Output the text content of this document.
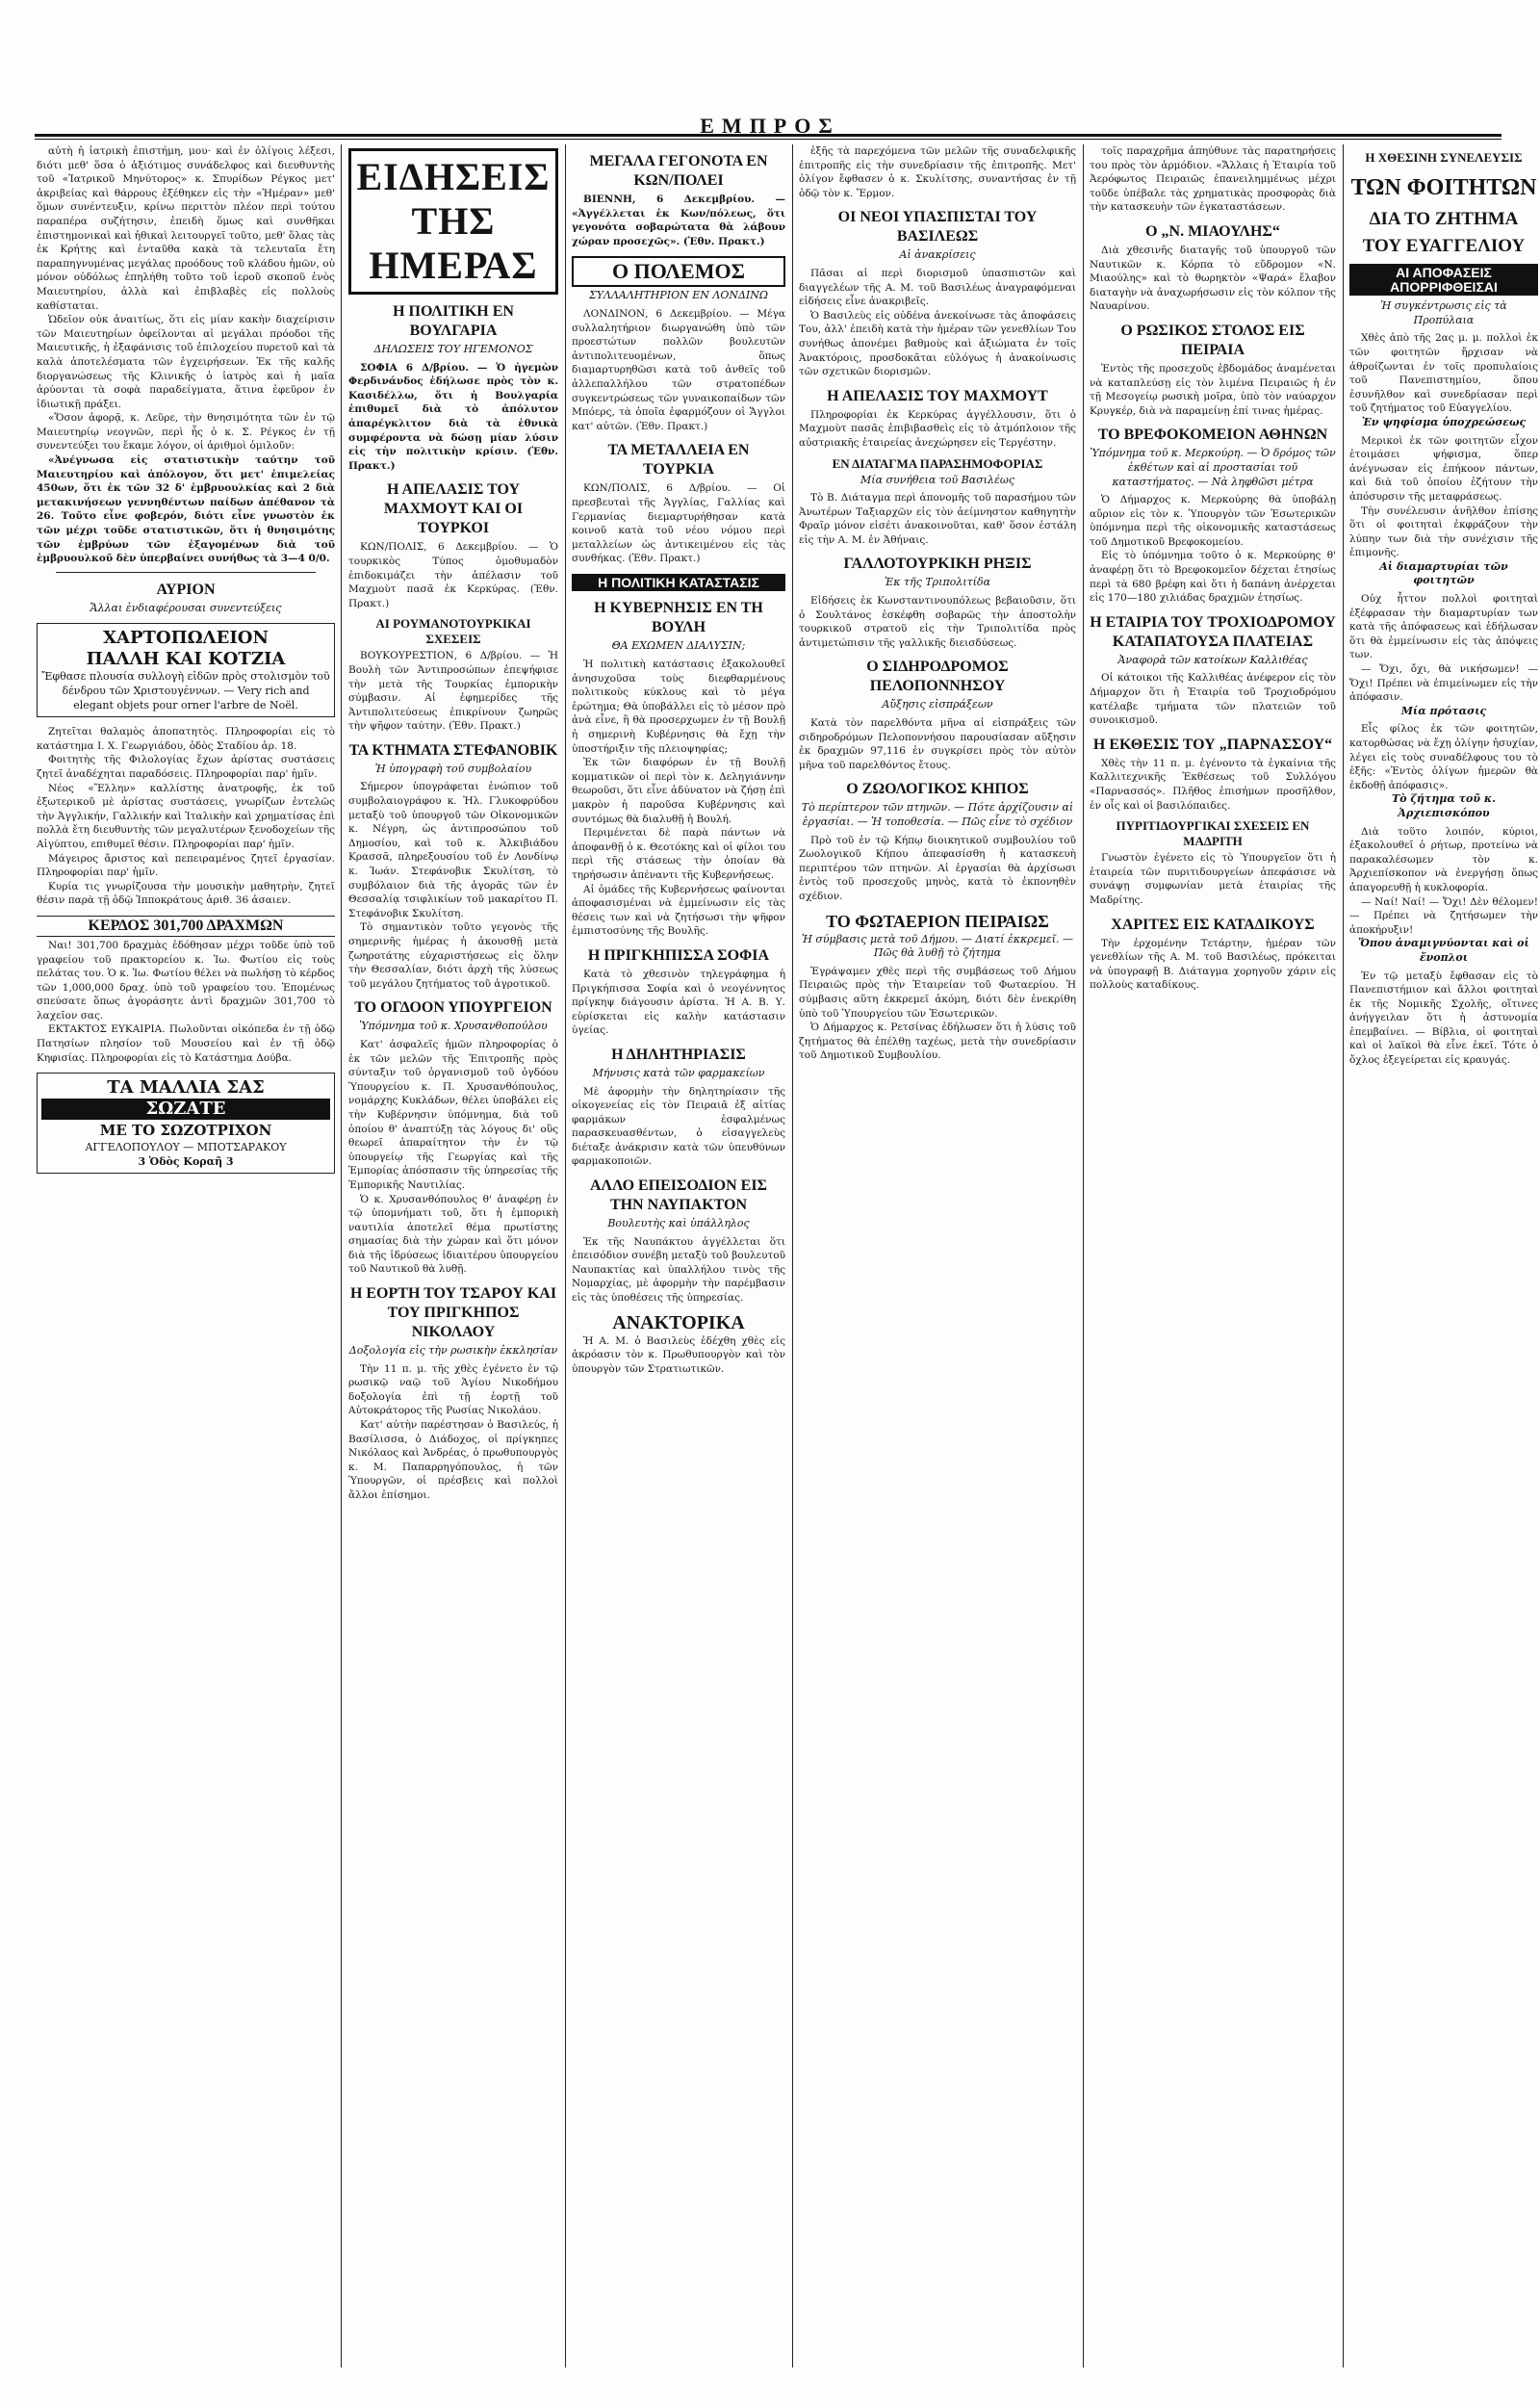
ΕΜΠΡΟΣ

αὐτὴ ἡ ἰατρικὴ ἐπιστήμη, μου· καὶ ἐν ὀλίγοις λέξεσι, διότι μεθ' ὅσα ὁ ἀξιότιμος συνάδελφος καὶ διευθυντὴς τοῦ «Ἰατρικοῦ Μηνύτορος» κ. Σπυρίδων Ρέγκος μετ' ἀκριβείας καὶ θάρρους ἐξέθηκεν εἰς τὴν «Ἡμέραν» μεθ' ὅμων συνέντευξιν, κρίνω περιττὸν πλέον περὶ τούτου παραπέρα συζήτησιν, ἐπειδὴ ὅμως καὶ συνθῆκαι ἐπιστημονικαὶ καὶ ἠθικαὶ λειτουργεῖ τοῦτο, μεθ' ὅλας τὰς ἐκ Κρήτης καὶ ἐνταῦθα κακὰ τὰ τελευταῖα ἔτη παραπηγνυμένας μεγάλας προόδους τοῦ κλάδου ἡμῶν, οὐ μόνον οὐδόλως ἐπηλήθη τοῦτο τοῦ ἱεροῦ σκοποῦ ἑνὸς Μαιευτηρίου, ἀλλὰ καὶ ἐπιβλαβὲς εἰς πολλοὺς καθίσταται.

Ὡδεῖον οὐκ ἀναιτίως, ὅτι εἰς μίαν κακὴν διαχείρισιν τῶν Μαιευτηρίων ὀφείλονται αἱ μεγάλαι πρόοδοι τῆς Μαιευτικῆς, ἡ ἐξαφάνισις τοῦ ἐπιλοχείου πυρετοῦ καὶ τὰ καλὰ ἀποτελέσματα τῶν ἐγχειρήσεων. Ἐκ τῆς καλῆς διοργανώσεως τῆς Κλινικῆς ὁ ἰατρὸς καὶ ἡ μαῖα ἀρύονται τὰ σοφὰ παραδείγματα, ἅτινα ἐφεῦρον ἐν ἰδιωτικῇ πράξει.

«Ὅσον ἀφορᾷ, κ. Λεῦρε, τὴν θνησιμότητα τῶν ἐν τῷ Μαιευτηρίῳ νεογνῶν, περὶ ἧς ὁ κ. Σ. Ρέγκος ἐν τῇ συνεντεύξει του ἔκαμε λόγον, οἱ ἀριθμοὶ ὁμιλοῦν:

«Ἀνέγνωσα εἰς στατιστικὴν ταύτην τοῦ Μαιευτηρίου καὶ ἀπόλογον, ὅτι μετ' ἐπιμελείας 450ων, ὅτι ἐκ τῶν 32 δ' ἐμβρυουλκίας καὶ 2 διὰ μετακινήσεων γεννηθέντων παίδων ἀπέθανον τὰ 26. Τοῦτο εἶνε φοβερόν, διότι εἶνε γνωστὸν ἐκ τῶν μέχρι τοῦδε στατιστικῶν, ὅτι ἡ θνησιμότης τῶν ἐμβρύων τῶν ἐξαγομένων διὰ τοῦ ἐμβρυουλκοῦ δὲν ὑπερβαίνει συνήθως τὰ 3—4 0/0.

ΑΥΡΙΟΝ
Ἄλλαι ἐνδιαφέρουσαι συνεντεύξεις
ΧΑΡΤΟΠΩΛΕΙΟΝ
ΠΑΛΛΗ ΚΑΙ ΚΟΤΖΙΑ
Ἔφθασε πλουσία συλλογὴ εἰδῶν πρὸς στολισμὸν τοῦ δένδρου τῶν Χριστουγέννων. — Very rich and elegant objets pour orner l'arbre de Noël.

Ζητεῖται θαλαμὸς ἀποπατητὸς. Πληροφορίαι εἰς τὸ κατάστημα Ι. Χ. Γεωργιάδου, ὁδὸς Σταδίου ἀρ. 18.

Φοιτητὴς τῆς Φιλολογίας ἔχων ἀρίστας συστάσεις ζητεῖ ἀναδέχηται παραδόσεις. Πληροφορίαι παρ' ἡμῖν.

Νέος «Ἕλλην» καλλίστης ἀνατροφῆς, ἐκ τοῦ ἐξωτερικοῦ μὲ ἀρίστας συστάσεις, γνωρίζων ἐντελῶς τὴν Ἀγγλικήν, Γαλλικήν καὶ Ἰταλικὴν καὶ χρηματίσας ἐπὶ πολλὰ ἔτη διευθυντὴς τῶν μεγαλυτέρων ξενοδοχείων τῆς Αἰγύπτου, επιθυμεῖ θέσιν. Πληροφορίαι παρ' ἡμῖν.

Μάγειρος ἄριστος καὶ πεπειραμένος ζητεῖ ἐργασίαν. Πληροφορίαι παρ' ἡμῖν.

Κυρία τις γνωρίζουσα τὴν μουσικὴν μαθητρὴν, ζητεῖ θέσιν παρὰ τῇ ὁδῷ Ἱπποκράτους ἀριθ. 36 ἀσαιεν.

ΚΕΡΔΟΣ 301,700 ΔΡΑΧΜΩΝ

Ναι! 301,700 δραχμὰς ἐδόθησαν μέχρι τοῦδε ὑπὸ τοῦ γραφείου τοῦ πρακτορείου κ. Ἰω. Φωτίου εἰς τοὺς πελάτας του. Ὁ κ. Ἰω. Φωτίου θέλει νὰ πωλήσῃ τὸ κέρδος τῶν 1,000,000 δραχ. ὑπὸ τοῦ γραφείου του. Ἑπομένως σπεύσατε ὅπως ἀγοράσητε ἀντὶ δραχμῶν 301,700 τὸ λαχεῖον σας.

ΕΚΤΑΚΤΟΣ ΕΥΚΑΙΡΙΑ. Πωλοῦνται οἰκόπεδα ἐν τῇ ὁδῷ Πατησίων πλησίον τοῦ Μουσείου καὶ ἐν τῇ ὁδῷ Κηφισίας. Πληροφορίαι εἰς τὸ Κατάστημα Δούβα.

ΤΑ ΜΑΛΛΙΑ ΣΑΣ
ΣΩΖΑΤΕ
ΜΕ ΤΟ ΣΩΖΟΤΡΙΧΟΝ
ΑΓΓΕΛΟΠΟΥΛΟΥ — ΜΠΟΤΣΑΡΑΚΟΥ
3 Ὁδὸς Κοραῆ 3
ΕΙΔΗΣΕΙΣ ΤΗΣ ΗΜΕΡΑΣ
Η ΠΟΛΙΤΙΚΗ ΕΝ ΒΟΥΛΓΑΡΙΑ
ΔΗΛΩΣΕΙΣ ΤΟΥ ΗΓΕΜΟΝΟΣ

ΣΟΦΙΑ 6 Δ/βρίου. — Ὁ ἡγεμὼν Φερδινάνδος ἐδήλωσε πρὸς τὸν κ. Κασιδέλλω, ὅτι ἡ Βουλγαρία ἐπιθυμεῖ διὰ τὸ ἀπόλυτον ἀπαρέγκλιτον διὰ τὰ ἐθνικὰ συμφέροντα νὰ δώσῃ μίαν λύσιν εἰς τὴν πολιτικὴν κρίσιν. (Ἐθν. Πρακτ.)

Η ΑΠΕΛΑΣΙΣ ΤΟΥ ΜΑΧΜΟΥΤ ΚΑΙ ΟΙ ΤΟΥΡΚΟΙ

ΚΩΝ/ΠΟΛΙΣ, 6 Δεκεμβρίου. — Ὁ τουρκικὸς Τύπος ὁμοθυμαδὸν ἐπιδοκιμάζει τὴν ἀπέλασιν τοῦ Μαχμοὺτ πασᾶ ἐκ Κερκύρας. (Ἐθν. Πρακτ.)

ΑΙ ΡΟΥΜΑΝΟΤΟΥΡΚΙΚΑΙ ΣΧΕΣΕΙΣ

ΒΟΥΚΟΥΡΕΣΤΙΟΝ, 6 Δ/βρίου. — Ἡ Βουλὴ τῶν Ἀντιπροσώπων ἐπεψήφισε τὴν μετὰ τῆς Τουρκίας ἐμπορικὴν σύμβασιν. Αἱ ἐφημερίδες τῆς Ἀντιπολιτεύσεως ἐπικρίνουν ζωηρῶς τὴν ψῆφον ταύτην. (Ἐθν. Πρακτ.)

ΤΑ ΚΤΗΜΑΤΑ ΣΤΕΦΑΝΟΒΙΚ
Ἡ ὑπογραφὴ τοῦ συμβολαίου

Σήμερον ὑπογράφεται ἐνώπιον τοῦ συμβολαιογράφου κ. Ἠλ. Γλυκοφρύδου μεταξὺ τοῦ ὑπουργοῦ τῶν Οἰκονομικῶν κ. Νέγρη, ὡς ἀντιπροσώπου τοῦ Δημοσίου, καὶ τοῦ κ. Ἀλκιβιάδου Κρασσᾶ, πληρεξουσίου τοῦ ἐν Λονδίνῳ κ. Ἰωάν. Στεφάνοβικ Σκυλίτση, τὸ συμβόλαιον διὰ τῆς ἀγορᾶς τῶν ἐν Θεσσαλίᾳ τσιφλικίων τοῦ μακαρίτου Π. Στεφάνοβικ Σκυλίτση.

Τὸ σημαντικὸν τοῦτο γεγονὸς τῆς σημερινῆς ἡμέρας ἡ ἀκουσθῇ μετὰ ζωηροτάτης εὐχαριστήσεως εἰς ὅλην τὴν Θεσσαλίαν, διότι ἀρχὴ τῆς λύσεως τοῦ μεγάλου ζητήματος τοῦ ἀγροτικοῦ.

ΤΟ ΟΓΔΟΟΝ ΥΠΟΥΡΓΕΙΟΝ
Ὑπόμνημα τοῦ κ. Χρυσανθοπούλου

Κατ' ἀσφαλεῖς ἡμῶν πληροφορίας ὁ ἐκ τῶν μελῶν τῆς Ἐπιτροπῆς πρὸς σύνταξιν τοῦ ὀργανισμοῦ τοῦ ὀγδόου Ὑπουργείου κ. Π. Χρυσανθόπουλος, νομάρχης Κυκλάδων, θέλει ὑποβάλει εἰς τὴν Κυβέρνησιν ὑπόμνημα, διὰ τοῦ ὁποίου θ' ἀναπτύξῃ τὰς λόγους δι' οὓς θεωρεῖ ἀπαραίτητον τὴν ἐν τῷ ὑπουργείῳ τῆς Γεωργίας καὶ τῆς Ἐμπορίας ἀπόσπασιν τῆς ὑπηρεσίας τῆς Ἐμπορικῆς Ναυτιλίας.

Ὁ κ. Χρυσανθόπουλος θ' ἀναφέρῃ ἐν τῷ ὑπομνήματι τοῦ, ὅτι ἡ ἐμπορικὴ ναυτιλία ἀποτελεῖ θέμα πρωτίστης σημασίας διὰ τὴν χώραν καὶ ὅτι μόνον διὰ τῆς ἱδρύσεως ἰδιαιτέρου ὑπουργείου τοῦ Ναυτικοῦ θὰ λυθῇ.

Η ΕΟΡΤΗ ΤΟΥ ΤΣΑΡΟΥ ΚΑΙ ΤΟΥ ΠΡΙΓΚΗΠΟΣ ΝΙΚΟΛΑΟΥ
Δοξολογία εἰς τὴν ρωσικὴν ἐκκλησίαν

Τὴν 11 π. μ. τῆς χθὲς ἐγένετο ἐν τῷ ρωσικῷ ναῷ τοῦ Ἁγίου Νικοδήμου δοξολογία ἐπὶ τῇ ἑορτῇ τοῦ Αὐτοκράτορος τῆς Ρωσίας Νικολάου.

Κατ' αὐτὴν παρέστησαν ὁ Βασιλεύς, ἡ Βασίλισσα, ὁ Διάδοχος, οἱ πρίγκηπες Νικόλαος καὶ Ἀνδρέας, ὁ πρωθυπουργὸς κ. Μ. Παπαρρηγόπουλος, ἡ τῶν Ὑπουργῶν, οἱ πρέσβεις καὶ πολλοὶ ἄλλοι ἐπίσημοι.

ΜΕΓΑΛΑ ΓΕΓΟΝΟΤΑ ΕΝ ΚΩΝ/ΠΟΛΕΙ

ΒΙΕΝΝΗ, 6 Δεκεμβρίου. — «Ἀγγέλλεται ἐκ Κων/πόλεως, ὅτι γεγονότα σοβαρώτατα θὰ λάβουν χώραν προσεχῶς». (Ἐθν. Πρακτ.)

Ο ΠΟΛΕΜΟΣ
ΣΥΛΛΑΛΗΤΗΡΙΟΝ ΕΝ ΛΟΝΔΙΝΩ

ΛΟΝΔΙΝΟΝ, 6 Δεκεμβρίου. — Μέγα συλλαλητήριον διωργανώθη ὑπὸ τῶν προεστώτων πολλῶν βουλευτῶν ἀντιπολιτευομένων, ὅπως διαμαρτυρηθῶσι κατὰ τοῦ ἀνθεῖς τοῦ ἀλλεπαλλήλου τῶν στρατοπέδων συγκεντρώσεως τῶν γυναικοπαίδων τῶν Μπόερς, τὰ ὁποῖα ἐφαρμόζουν οἱ Ἄγγλοι κατ' αὐτῶν. (Ἐθν. Πρακτ.)

ΤΑ ΜΕΤΑΛΛΕΙΑ ΕΝ ΤΟΥΡΚΙΑ

ΚΩΝ/ΠΟΛΙΣ, 6 Δ/βρίου. — Οἱ πρεσβευταὶ τῆς Ἀγγλίας, Γαλλίας καὶ Γερμανίας διεμαρτυρήθησαν κατὰ κοινοῦ κατὰ τοῦ νέου νόμου περὶ μεταλλείων ὡς ἀντικειμένου εἰς τὰς συνθήκας. (Ἐθν. Πρακτ.)

Η ΠΟΛΙΤΙΚΗ ΚΑΤΑΣΤΑΣΙΣ
Η ΚΥΒΕΡΝΗΣΙΣ ΕΝ ΤΗ ΒΟΥΛΗ
ΘΑ ΕΧΩΜΕΝ ΔΙΑΛΥΣΙΝ;

Ἡ πολιτικὴ κατάστασις ἐξακολουθεῖ ἀνησυχοῦσα τοὺς διεφθαρμένους πολιτικοὺς κύκλους καὶ τὸ μέγα ἐρώτημα; Θὰ ὑποβάλλει εἰς τὸ μέσον πρὸ ἀνὰ εἶνε, ἢ θὰ προσερχωμεν ἐν τῇ Βουλῇ ἡ σημερινὴ Κυβέρνησις θὰ ἔχῃ τὴν ὑποστήριξιν τῆς πλειοψηφίας;

Ἐκ τῶν διαφόρων ἐν τῇ Βουλῇ κομματικῶν οἱ περὶ τὸν κ. Δεληγιάννην θεωροῦσι, ὅτι εἶνε ἀδύνατον νὰ ζήσῃ ἐπὶ μακρὸν ἡ παροῦσα Κυβέρνησις καὶ συντόμως θὰ διαλυθῇ ἡ Βουλή.

Περιμένεται δὲ παρὰ πάντων νὰ ἀποφανθῇ ὁ κ. Θεοτόκης καὶ οἱ φίλοι του περὶ τῆς στάσεως τὴν ὁποίαν θὰ τηρήσωσιν ἀπέναντι τῆς Κυβερνήσεως.

Αἱ ὁμάδες τῆς Κυβερνήσεως φαίνονται ἀποφασισμέναι νὰ ἐμμείνωσιν εἰς τὰς θέσεις των καὶ νὰ ζητήσωσι τὴν ψῆφον ἐμπιστοσύνης τῆς Βουλῆς.

Η ΠΡΙΓΚΗΠΙΣΣΑ ΣΟΦΙΑ

Κατὰ τὸ χθεσινὸν τηλεγράφημα ἡ Πριγκήπισσα Σοφία καὶ ὁ νεογέννητος πρίγκηψ διάγουσιν ἀρίστα. Ἡ Α. Β. Υ. εὑρίσκεται εἰς καλὴν κατάστασιν ὑγείας.

Η ΔΗΛΗΤΗΡΙΑΣΙΣ
Μήνυσις κατὰ τῶν φαρμακείων

Μὲ ἀφορμὴν τὴν δηλητηρίασιν τῆς οἰκογενείας εἰς τὸν Πειραιᾶ ἐξ αἰτίας φαρμάκων ἐσφαλμένως παρασκευασθέντων, ὁ εἰσαγγελεὺς διέταξε ἀνάκρισιν κατὰ τῶν ὑπευθύνων φαρμακοποιῶν.

ΑΛΛΟ ΕΠΕΙΣΟΔΙΟΝ ΕΙΣ ΤΗΝ ΝΑΥΠΑΚΤΟΝ
Βουλευτὴς καὶ ὑπάλληλος

Ἐκ τῆς Ναυπάκτου ἀγγέλλεται ὅτι ἐπεισόδιον συνέβη μεταξὺ τοῦ βουλευτοῦ Ναυπακτίας καὶ ὑπαλλήλου τινὸς τῆς Νομαρχίας, μὲ ἀφορμὴν τὴν παρέμβασιν εἰς τὰς ὑποθέσεις τῆς ὑπηρεσίας.

ΑΝΑΚΤΟΡΙΚΑ

Ἡ Α. Μ. ὁ Βασιλεὺς ἐδέχθη χθὲς εἰς ἀκρόασιν τὸν κ. Πρωθυπουργὸν καὶ τὸν ὑπουργὸν τῶν Στρατιωτικῶν.

ἑξῆς τὰ παρεχόμενα τῶν μελῶν τῆς συναδελφικῆς ἐπιτροπῆς εἰς τὴν συνεδρίασιν τῆς ἐπιτροπῆς. Μετ' ὀλίγον ἔφθασεν ὁ κ. Σκυλίτσης, συναντήσας ἐν τῇ ὁδῷ τὸν κ. Ἔρμον.

ΟΙ ΝΕΟΙ ΥΠΑΣΠΙΣΤΑΙ ΤΟΥ ΒΑΣΙΛΕΩΣ
Αἱ ἀνακρίσεις

Πᾶσαι αἱ περὶ διορισμοῦ ὑπασπιστῶν καὶ διαγγελέων τῆς Α. Μ. τοῦ Βασιλέως ἀναγραφόμεναι εἰδήσεις εἶνε ἀνακριβεῖς.

Ὁ Βασιλεὺς εἰς οὐδένα ἀνεκοίνωσε τὰς ἀποφάσεις Του, ἀλλ' ἐπειδὴ κατὰ τὴν ἡμέραν τῶν γενεθλίων Του συνήθως ἀπονέμει βαθμοὺς καὶ ἀξιώματα ἐν τοῖς Ἀνακτόροις, προσδοκᾶται εὐλόγως ἡ ἀνακοίνωσις τῶν σχετικῶν διορισμῶν.

Η ΑΠΕΛΑΣΙΣ ΤΟΥ ΜΑΧΜΟΥΤ

Πληροφορίαι ἐκ Κερκύρας ἀγγέλλουσιν, ὅτι ὁ Μαχμοὺτ πασᾶς ἐπιβιβασθεὶς εἰς τὸ ἀτμόπλοιον τῆς αὐστριακῆς ἑταιρείας ἀνεχώρησεν εἰς Τεργέστην.

ΕΝ ΔΙΑΤΑΓΜΑ ΠΑΡΑΣΗΜΟΦΟΡΙΑΣ
Μία συνήθεια τοῦ Βασιλέως

Τὸ Β. Διάταγμα περὶ ἀπονομῆς τοῦ παρασήμου τῶν Ἀνωτέρων Ταξιαρχῶν εἰς τὸν ἀείμνηστον καθηγητὴν Φραῖρ μόνον εἰσέτι ἀνακοινοῦται, καθ' ὅσον ἐστάλη εἰς τὴν Α. Μ. ἐν Ἀθήναις.

ΓΑΛΛΟΤΟΥΡΚΙΚΗ ΡΗΞΙΣ
Ἐκ τῆς Τριπολιτίδα

Εἰδήσεις ἐκ Κωνσταντινουπόλεως βεβαιοῦσιν, ὅτι ὁ Σουλτάνος ἐσκέφθη σοβαρῶς τὴν ἀποστολὴν τουρκικοῦ στρατοῦ εἰς τὴν Τριπολιτίδα πρὸς ἀντιμετώπισιν τῆς γαλλικῆς διεισδύσεως.

Ο ΣΙΔΗΡΟΔΡΟΜΟΣ ΠΕΛΟΠΟΝΝΗΣΟΥ
Αὔξησις εἰσπράξεων

Κατὰ τὸν παρελθόντα μῆνα αἱ εἰσπράξεις τῶν σιδηροδρόμων Πελοποννήσου παρουσίασαν αὔξησιν ἐκ δραχμῶν 97,116 ἐν συγκρίσει πρὸς τὸν αὐτὸν μῆνα τοῦ παρελθόντος ἔτους.

Ο ΖΩΟΛΟΓΙΚΟΣ ΚΗΠΟΣ
Τὸ περίπτερον τῶν πτηνῶν. — Πότε ἀρχίζουσιν αἱ ἐργασίαι. — Ἡ τοποθεσία. — Πῶς εἶνε τὸ σχέδιον

Πρὸ τοῦ ἐν τῷ Κήπῳ διοικητικοῦ συμβουλίου τοῦ Ζωολογικοῦ Κήπου ἀπεφασίσθη ἡ κατασκευὴ περιπτέρου τῶν πτηνῶν. Αἱ ἐργασίαι θὰ ἀρχίσωσι ἐντὸς τοῦ προσεχοῦς μηνὸς, κατὰ τὸ ἐκπονηθὲν σχέδιον.

ΤΟ ΦΩΤΑΕΡΙΟΝ ΠΕΙΡΑΙΩΣ
Ἡ σύμβασις μετὰ τοῦ Δήμου. — Διατί ἐκκρεμεῖ. — Πῶς θὰ λυθῇ τὸ ζήτημα

Ἐγράψαμεν χθὲς περὶ τῆς συμβάσεως τοῦ Δήμου Πειραιῶς πρὸς τὴν Ἑταιρείαν τοῦ Φωταερίου. Ἡ σύμβασις αὕτη ἐκκρεμεῖ ἀκόμη, διότι δὲν ἐνεκρίθη ὑπὸ τοῦ Ὑπουργείου τῶν Ἐσωτερικῶν.

Ὁ Δήμαρχος κ. Ρετσίνας ἐδήλωσεν ὅτι ἡ λύσις τοῦ ζητήματος θὰ ἐπέλθῃ ταχέως, μετὰ τὴν συνεδρίασιν τοῦ Δημοτικοῦ Συμβουλίου.

τοῖς παραχρῆμα ἀπηύθυνε τὰς παρατηρήσεις του πρὸς τὸν ἁρμόδιον. «Ἄλλαις ἡ Ἑταιρία τοῦ Ἀερόφωτος Πειραιῶς ἐπανειλημμένως μέχρι τοῦδε ὑπέβαλε τὰς χρηματικὰς προσφορὰς διὰ τὴν κατασκευὴν τῶν ἐγκαταστάσεων.

Ο „Ν. ΜΙΑΟΥΛΗΣ“

Διὰ χθεσινῆς διαταγῆς τοῦ ὑπουργοῦ τῶν Ναυτικῶν κ. Κόρπα τὸ εὔδρομον «Ν. Μιαούλης» καὶ τὸ θωρηκτὸν «Ψαρά» ἔλαβον διαταγὴν νὰ ἀναχωρήσωσιν εἰς τὸν κόλπον τῆς Ναυαρίνου.

Ο ΡΩΣΙΚΟΣ ΣΤΟΛΟΣ ΕΙΣ ΠΕΙΡΑΙΑ

Ἐντὸς τῆς προσεχοῦς ἑβδομάδος ἀναμένεται νὰ καταπλεύσῃ εἰς τὸν λιμένα Πειραιῶς ἡ ἐν τῇ Μεσογείῳ ρωσικὴ μοῖρα, ὑπὸ τὸν ναύαρχον Κρυγκέρ, διὰ νὰ παραμείνῃ ἐπί τινας ἡμέρας.

ΤΟ ΒΡΕΦΟΚΟΜΕΙΟΝ ΑΘΗΝΩΝ
Ὑπόμνημα τοῦ κ. Μερκούρη. — Ὁ δρόμος τῶν ἐκθέτων καὶ αἱ προστασίαι τοῦ καταστήματος. — Νὰ ληφθῶσι μέτρα

Ὁ Δήμαρχος κ. Μερκούρης θὰ ὑποβάλῃ αὔριον εἰς τὸν κ. Ὑπουργὸν τῶν Ἐσωτερικῶν ὑπόμνημα περὶ τῆς οἰκονομικῆς καταστάσεως τοῦ Δημοτικοῦ Βρεφοκομείου.

Εἰς τὸ ὑπόμνημα τοῦτο ὁ κ. Μερκούρης θ' ἀναφέρῃ ὅτι τὸ Βρεφοκομεῖον δέχεται ἐτησίως περὶ τὰ 680 βρέφη καὶ ὅτι ἡ δαπάνη ἀνέρχεται εἰς 170—180 χιλιάδας δραχμῶν ἐτησίως.

Η ΕΤΑΙΡΙΑ ΤΟΥ ΤΡΟΧΙΟΔΡΟΜΟΥ ΚΑΤΑΠΑΤΟΥΣΑ ΠΛΑΤΕΙΑΣ
Ἀναφορὰ τῶν κατοίκων Καλλιθέας

Οἱ κάτοικοι τῆς Καλλιθέας ἀνέφερον εἰς τὸν Δήμαρχον ὅτι ἡ Ἑταιρία τοῦ Τροχιοδρόμου κατέλαβε τμήματα τῶν πλατειῶν τοῦ συνοικισμοῦ.

Η ΕΚΘΕΣΙΣ ΤΟΥ „ΠΑΡΝΑΣΣΟΥ“

Χθὲς τὴν 11 π. μ. ἐγένοντο τὰ ἐγκαίνια τῆς Καλλιτεχνικῆς Ἐκθέσεως τοῦ Συλλόγου «Παρνασσός». Πλῆθος ἐπισήμων προσῆλθον, ἐν οἷς καὶ οἱ βασιλόπαιδες.

ΠΥΡΙΤΙΔΟΥΡΓΙΚΑΙ ΣΧΕΣΕΙΣ ΕΝ ΜΑΔΡΙΤΗ

Γνωστὸν ἐγένετο εἰς τὸ Ὑπουργεῖον ὅτι ἡ ἑταιρεία τῶν πυριτιδουργείων ἀπεφάσισε νὰ συνάψῃ συμφωνίαν μετὰ ἑταιρίας τῆς Μαδρίτης.

ΧΑΡΙΤΕΣ ΕΙΣ ΚΑΤΑΔΙΚΟΥΣ

Τὴν ἐρχομένην Τετάρτην, ἡμέραν τῶν γενεθλίων τῆς Α. Μ. τοῦ Βασιλέως, πρόκειται νὰ ὑπογραφῇ Β. Διάταγμα χορηγοῦν χάριν εἰς πολλοὺς καταδίκους.

Η ΧΘΕΣΙΝΗ ΣΥΝΕΛΕΥΣΙΣ
ΤΩΝ ΦΟΙΤΗΤΩΝ
ΔΙΑ ΤΟ ΖΗΤΗΜΑ
ΤΟΥ ΕΥΑΓΓΕΛΙΟΥ
ΑΙ ΑΠΟΦΑΣΕΙΣ ΑΠΟΡΡΙΦΘΕΙΣΑΙ
Ἡ συγκέντρωσις εἰς τὰ Προπύλαια

Χθὲς ἀπὸ τῆς 2ας μ. μ. πολλοὶ ἐκ τῶν φοιτητῶν ἤρχισαν νὰ ἀθροίζωνται ἐν τοῖς προπυλαίοις τοῦ Πανεπιστημίου, ὅπου ἐσυνῆλθον καὶ συνεδρίασαν περὶ τοῦ ζητήματος τοῦ Εὐαγγελίου.

Ἐν ψηφίσμα ὑποχρεώσεως

Μερικοὶ ἐκ τῶν φοιτητῶν εἶχον ἐτοιμάσει ψήφισμα, ὅπερ ἀνέγνωσαν εἰς ἐπήκοον πάντων, καὶ διὰ τοῦ ὁποίου ἐζήτουν τὴν ἀπόσυρσιν τῆς μεταφράσεως.

Τὴν συνέλευσιν ἀνῆλθον ἐπίσης ὅτι οἱ φοιτηταὶ ἐκφράζουν τὴν λύπην των διὰ τὴν συνέχισιν τῆς ἐπιμονῆς.

Αἱ διαμαρτυρίαι τῶν φοιτητῶν

Οὐχ ἧττον πολλοὶ φοιτηταὶ ἐξέφρασαν τὴν διαμαρτυρίαν των κατὰ τῆς ἀπόφασεως καὶ ἐδήλωσαν ὅτι θὰ ἐμμείνωσιν εἰς τὰς ἀπόψεις των.

— Ὄχι, ὄχι, θὰ νικήσωμεν! — Ὄχι! Πρέπει νὰ ἐπιμείνωμεν εἰς τὴν ἀπόφασιν.

Μία πρότασις

Εἷς φίλος ἐκ τῶν φοιτητῶν, κατορθώσας νὰ ἔχῃ ὀλίγην ἡσυχίαν, λέγει εἰς τοὺς συναδέλφους του τὸ ἑξῆς: «Ἐντὸς ὀλίγων ἡμερῶν θὰ ἐκδοθῇ ἀπόφασις».

Τὸ ζήτημα τοῦ κ. Ἀρχιεπισκόπου

Διὰ τοῦτο λοιπόν, κύριοι, ἐξακολουθεῖ ὁ ρήτωρ, προτείνω νὰ παρακαλέσωμεν τὸν κ. Ἀρχιεπίσκοπον νὰ ἐνεργήσῃ ὅπως ἀπαγορευθῇ ἡ κυκλοφορία.

— Ναί! Ναί! — Ὄχι! Δὲν θέλομεν! — Πρέπει νὰ ζητήσωμεν τὴν ἀποκήρυξιν!

Ὅπου ἀναμιγνύονται καὶ οἱ ἔνοπλοι

Ἐν τῷ μεταξὺ ἔφθασαν εἰς τὸ Πανεπιστήμιον καὶ ἄλλοι φοιτηταὶ ἐκ τῆς Νομικῆς Σχολῆς, οἵτινες ἀνήγγειλαν ὅτι ἡ ἀστυνομία ἐπεμβαίνει. — Βίβλια, οἱ φοιτηταὶ καὶ οἱ λαϊκοὶ θὰ εἶνε ἐκεῖ. Τότε ὁ ὄχλος ἐξεγείρεται εἰς κραυγάς.
